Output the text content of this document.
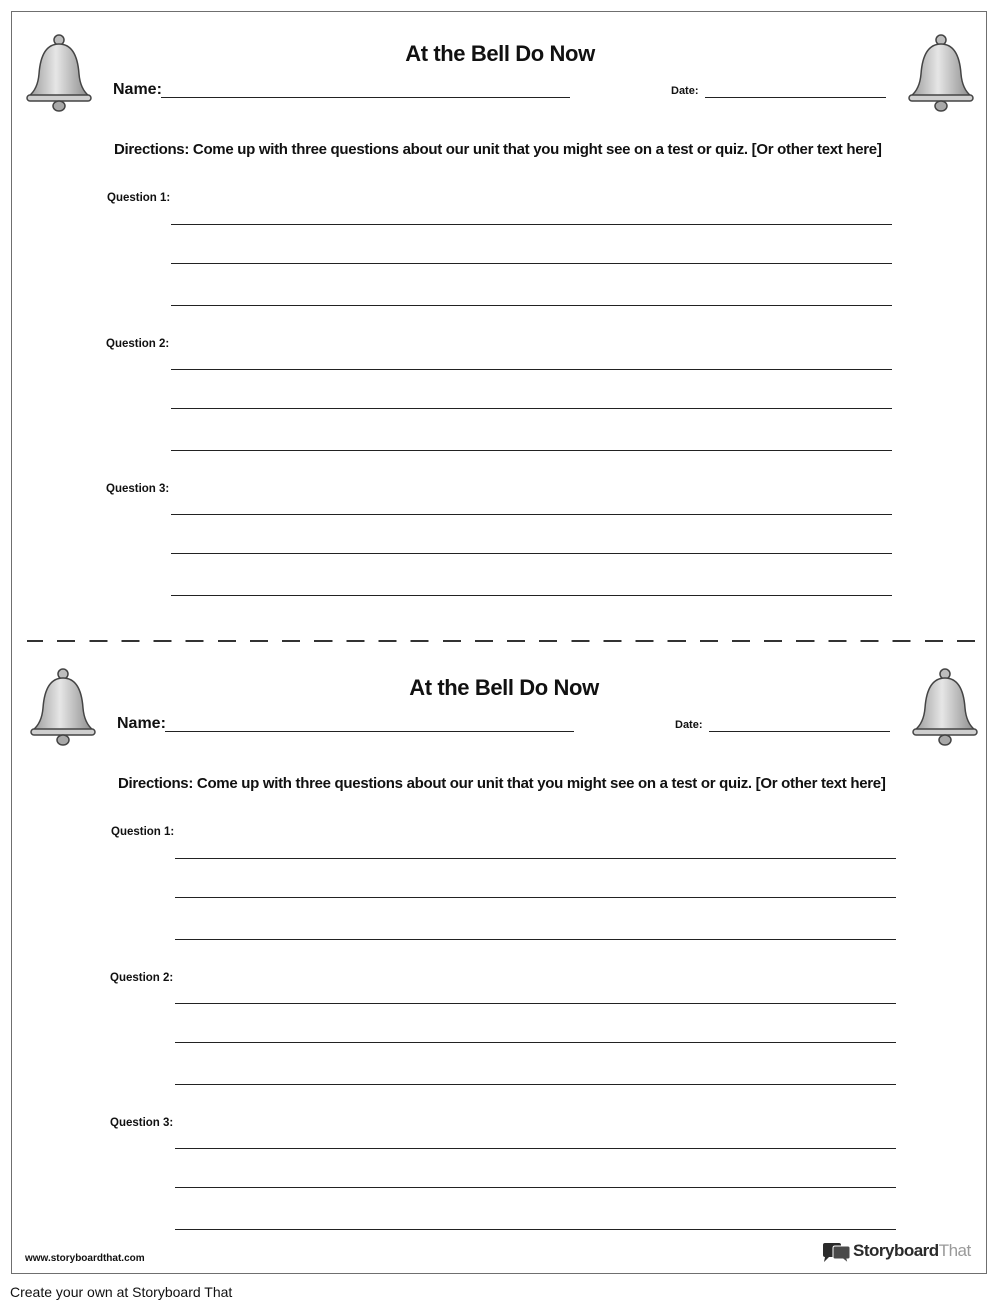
At the Bell Do Now
Name:	Date:
Directions: Come up with three questions about our unit that you might see on a test or quiz. [Or other text here]
Question 1:
Question 2:
Question 3:
At the Bell Do Now
Name:	Date:
Directions: Come up with three questions about our unit that you might see on a test or quiz. [Or other text here]
Question 1:
Question 2:
Question 3:
www.storyboardthat.com	StoryboardThat
Create your own at Storyboard That
